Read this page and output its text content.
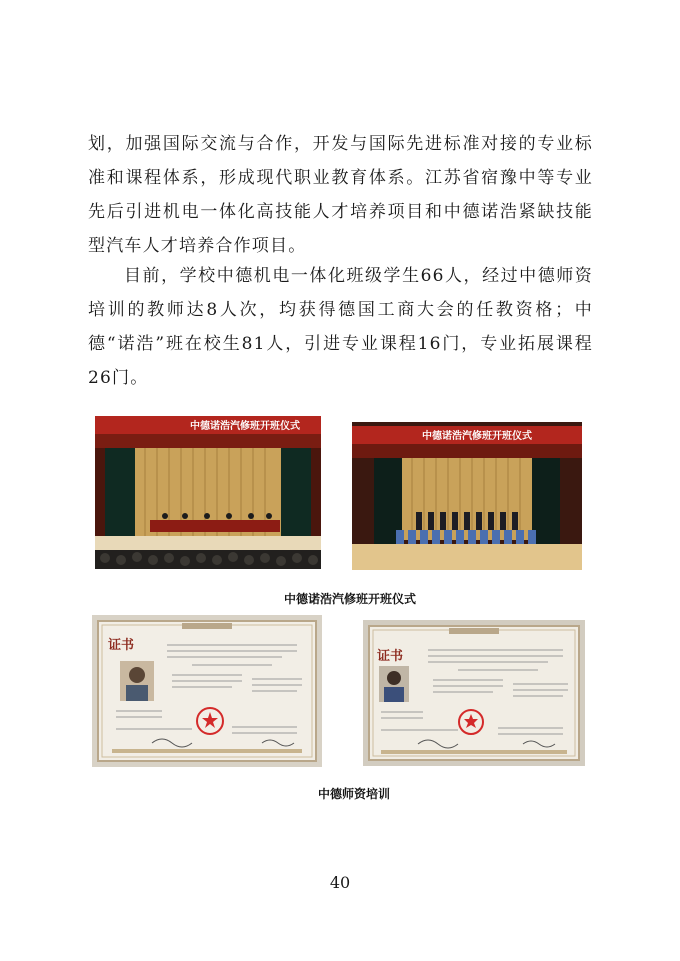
划，加强国际交流与合作，开发与国际先进标准对接的专业标准和课程体系，形成现代职业教育体系。江苏省宿豫中等专业先后引进机电一体化高技能人才培养项目和中德诺浩紧缺技能型汽车人才培养合作项目。

目前，学校中德机电一体化班级学生66人，经过中德师资培训的教师达8人次，均获得德国工商大会的任教资格；中德“诺浩”班在校生81人，引进专业课程16门，专业拓展课程26门。

中德诺浩汽修班开班仪式
中德诺浩汽修班开班仪式
中德诺浩汽修班开班仪式
证书
证书
中德师资培训
40
